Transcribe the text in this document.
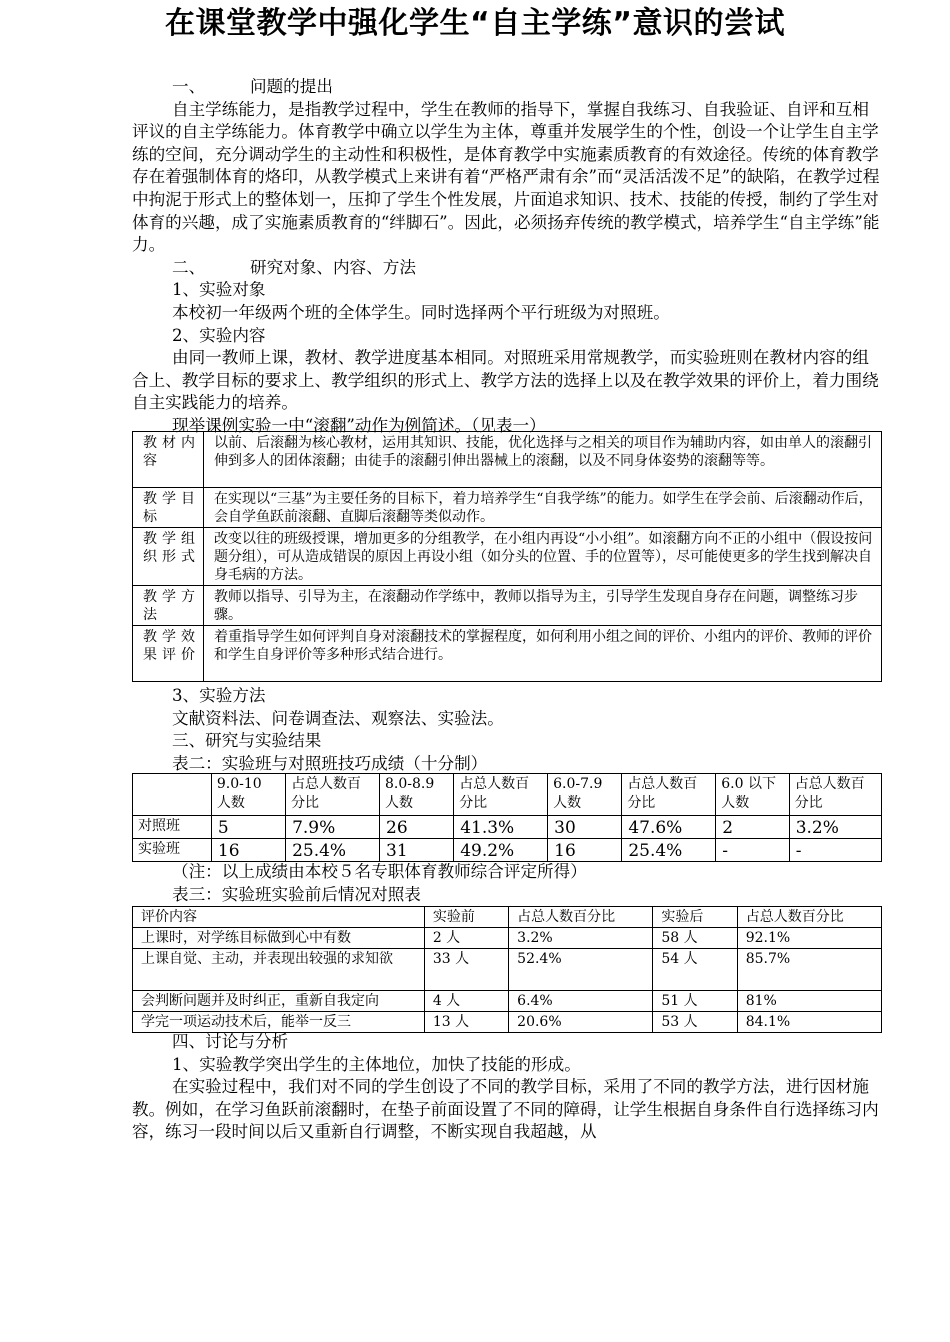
在课堂教学中强化学生“自主学练”意识的尝试
一、	问题的提出

自主学练能力，是指教学过程中，学生在教师的指导下，掌握自我练习、自我验证、自评和互相评议的自主学练能力。体育教学中确立以学生为主体，尊重并发展学生的个性，创设一个让学生自主学练的空间，充分调动学生的主动性和积极性，是体育教学中实施素质教育的有效途径。传统的体育教学存在着强制体育的烙印，从教学模式上来讲有着“严格严肃有余”而“灵活活泼不足”的缺陷，在教学过程中拘泥于形式上的整体划一，压抑了学生个性发展，片面追求知识、技术、技能的传授，制约了学生对体育的兴趣，成了实施素质教育的“绊脚石”。因此，必须扬弃传统的教学模式，培养学生“自主学练”能力。

二、	研究对象、内容、方法
1、实验对象

本校初一年级两个班的全体学生。同时选择两个平行班级为对照班。

2、实验内容

由同一教师上课，教材、教学进度基本相同。对照班采用常规教学，而实验班则在教材内容的组合上、教学目标的要求上、教学组织的形式上、教学方法的选择上以及在教学效果的评价上，着力围绕自主实践能力的培养。

现举课例实验一中“滚翻”动作为例简述。（见表一）

教材内容	以前、后滚翻为核心教材，运用其知识、技能，优化选择与之相关的项目作为辅助内容，如由单人的滚翻引伸到多人的团体滚翻；由徒手的滚翻引伸出器械上的滚翻，以及不同身体姿势的滚翻等等。
教学目标	在实现以“三基”为主要任务的目标下，着力培养学生“自我学练”的能力。如学生在学会前、后滚翻动作后，会自学鱼跃前滚翻、直脚后滚翻等类似动作。
教学组织形式	改变以往的班级授课，增加更多的分组教学，在小组内再设“小小组”。如滚翻方向不正的小组中（假设按问题分组），可从造成错误的原因上再设小组（如分头的位置、手的位置等），尽可能使更多的学生找到解决自身毛病的方法。
教学方法	教师以指导、引导为主，在滚翻动作学练中，教师以指导为主，引导学生发现自身存在问题，调整练习步骤。
教学效果评价	着重指导学生如何评判自身对滚翻技术的掌握程度，如何利用小组之间的评价、小组内的评价、教师的评价和学生自身评价等多种形式结合进行。
3、实验方法

文献资料法、问卷调查法、观察法、实验法。

三、研究与实验结果
表二：实验班与对照班技巧成绩（十分制）
	9.0-10 人数	占总人数百分比	8.0-8.9 人数	占总人数百分比	6.0-7.9 人数	占总人数百分比	6.0 以下人数	占总人数百分比
对照班	5	7.9%	26	41.3%	30	47.6%	2	3.2%
实验班	16	25.4%	31	49.2%	16	25.4%	-	-
（注：以上成绩由本校５名专职体育教师综合评定所得）
表三：实验班实验前后情况对照表
评价内容	实验前	占总人数百分比	实验后	占总人数百分比
上课时，对学练目标做到心中有数	2 人	3.2%	58 人	92.1%
上课自觉、主动，并表现出较强的求知欲	33 人	52.4%	54 人	85.7%
会判断问题并及时纠正，重新自我定向	4 人	6.4%	51 人	81%
学完一项运动技术后，能举一反三	13 人	20.6%	53 人	84.1%
四、讨论与分析
1、实验教学突出学生的主体地位，加快了技能的形成。

在实验过程中，我们对不同的学生创设了不同的教学目标，采用了不同的教学方法，进行因材施教。例如，在学习鱼跃前滚翻时，在垫子前面设置了不同的障碍，让学生根据自身条件自行选择练习内容，练习一段时间以后又重新自行调整，不断实现自我超越，从
